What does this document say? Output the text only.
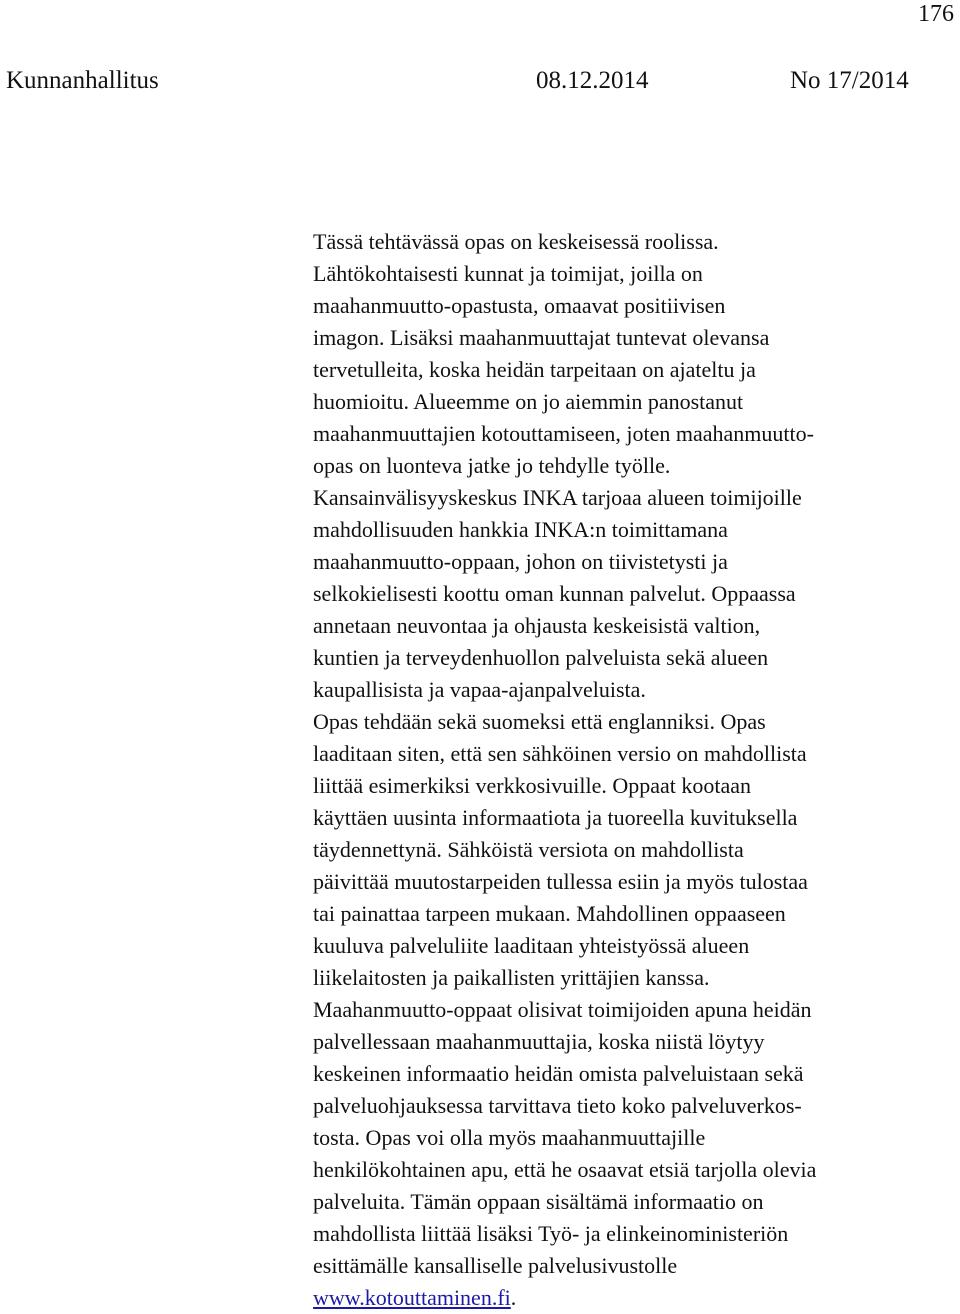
176
Kunnanhallitus	08.12.2014	No 17/2014
Tässä tehtävässä opas on keskeisessä roolissa.
Lähtökohtaisesti kunnat ja toimijat, joilla on
maahanmuutto-opastusta, omaavat positiivisen
imagon. Lisäksi maahanmuuttajat tuntevat olevansa
tervetulleita, koska heidän tarpeitaan on ajateltu ja
huomioitu. Alueemme on jo aiemmin panostanut
maahanmuuttajien kotouttamiseen, joten maahanmuutto-
opas on luonteva jatke jo tehdylle työlle.
Kansainvälisyyskeskus INKA tarjoaa alueen toimijoille
mahdollisuuden hankkia INKA:n toimittamana
maahanmuutto-oppaan, johon on tiivistetysti ja
selkokielisesti koottu oman kunnan palvelut. Oppaassa
annetaan neuvontaa ja ohjausta keskeisistä valtion,
kuntien ja terveydenhuollon palveluista sekä alueen
kaupallisista ja vapaa-ajanpalveluista.
Opas tehdään sekä suomeksi että englanniksi. Opas
laaditaan siten, että sen sähköinen versio on mahdollista
liittää esimerkiksi verkkosivuille. Oppaat kootaan
käyttäen uusinta informaatiota ja tuoreella kuvituksella
täydennettynä. Sähköistä versiota on mahdollista
päivittää muutostarpeiden tullessa esiin ja myös tulostaa
tai painattaa tarpeen mukaan. Mahdollinen oppaaseen
kuuluva palveluliite laaditaan yhteistyössä alueen
liikelaitosten ja paikallisten yrittäjien kanssa.
Maahanmuutto-oppaat olisivat toimijoiden apuna heidän
palvellessaan maahanmuuttajia, koska niistä löytyy
keskeinen informaatio heidän omista palveluistaan sekä
palveluohjauksessa tarvittava tieto koko palveluverkos-
tosta. Opas voi olla myös maahanmuuttajille
henkilökohtainen apu, että he osaavat etsiä tarjolla olevia
palveluita. Tämän oppaan sisältämä informaatio on
mahdollista liittää lisäksi Työ- ja elinkeinoministeriön
esittämälle kansalliselle palvelusivustolle
www.kotouttaminen.fi.
